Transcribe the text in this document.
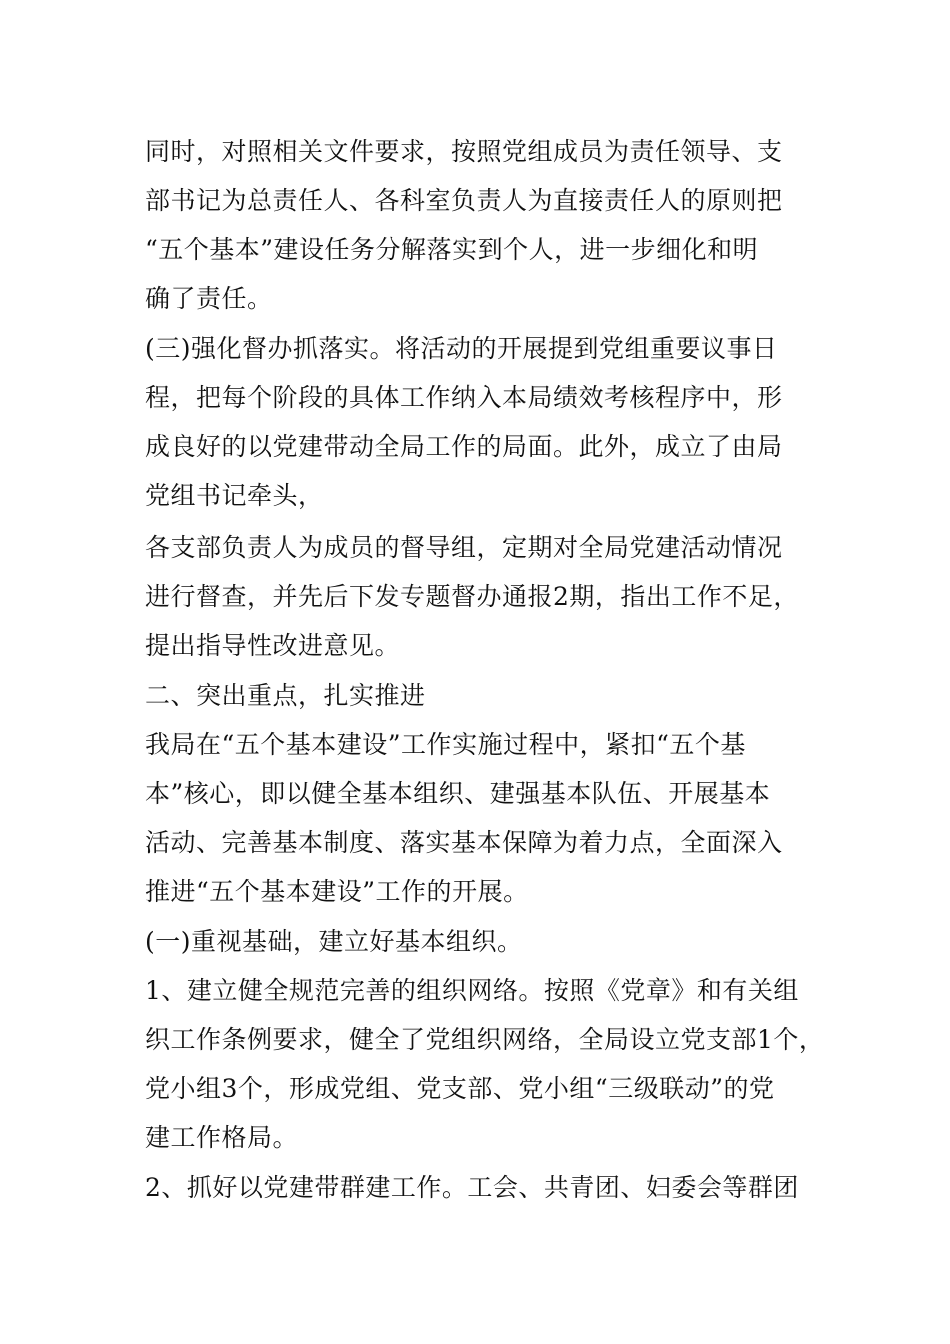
同时，对照相关文件要求，按照党组成员为责任领导、支
部书记为总责任人、各科室负责人为直接责任人的原则把
“五个基本”建设任务分解落实到个人，进一步细化和明
确了责任。
(三)强化督办抓落实。将活动的开展提到党组重要议事日
程，把每个阶段的具体工作纳入本局绩效考核程序中，形
成良好的以党建带动全局工作的局面。此外，成立了由局
党组书记牵头，
各支部负责人为成员的督导组，定期对全局党建活动情况
进行督查，并先后下发专题督办通报2期，指出工作不足，
提出指导性改进意见。
二、突出重点，扎实推进
我局在“五个基本建设”工作实施过程中，紧扣“五个基
本”核心，即以健全基本组织、建强基本队伍、开展基本
活动、完善基本制度、落实基本保障为着力点，全面深入
推进“五个基本建设”工作的开展。
(一)重视基础，建立好基本组织。
1、建立健全规范完善的组织网络。按照《党章》和有关组
织工作条例要求，健全了党组织网络，全局设立党支部1个，
党小组3个，形成党组、党支部、党小组“三级联动”的党
建工作格局。
2、抓好以党建带群建工作。工会、共青团、妇委会等群团
